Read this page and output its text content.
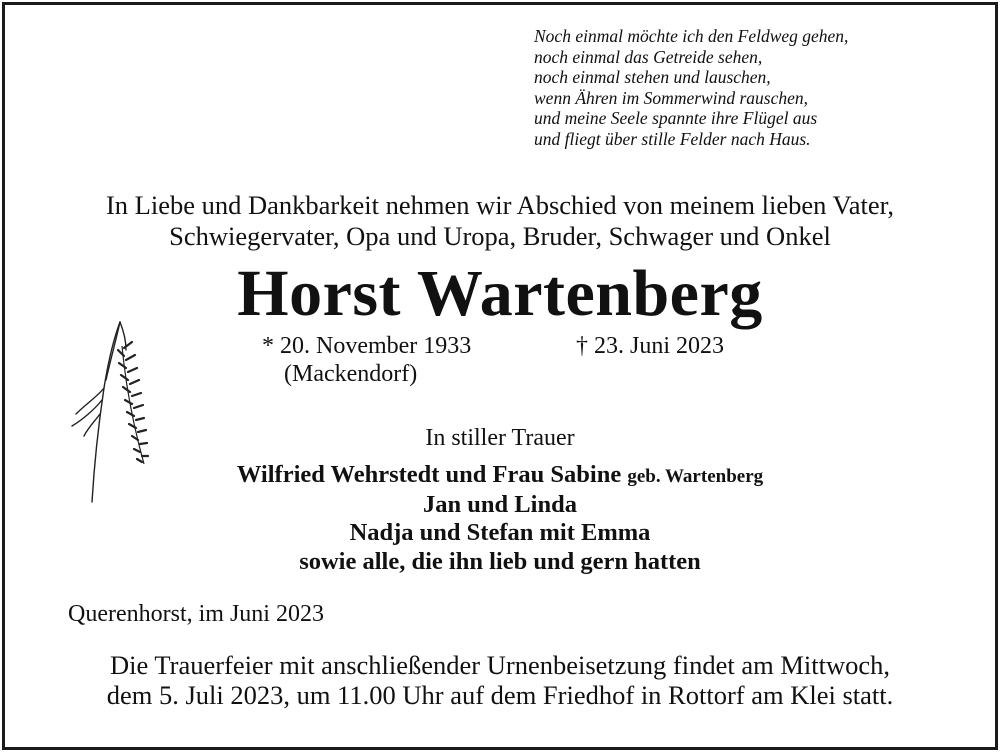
Noch einmal möchte ich den Feldweg gehen,
noch einmal das Getreide sehen,
noch einmal stehen und lauschen,
wenn Ähren im Sommerwind rauschen,
und meine Seele spannte ihre Flügel aus
und fliegt über stille Felder nach Haus.
In Liebe und Dankbarkeit nehmen wir Abschied von meinem lieben Vater,
Schwiegervater, Opa und Uropa, Bruder, Schwager und Onkel
Horst Wartenberg
* 20. November 1933	† 23. Juni 2023
(Mackendorf)
In stiller Trauer
Wilfried Wehrstedt und Frau Sabine geb. Wartenberg
Jan und Linda
Nadja und Stefan mit Emma
sowie alle, die ihn lieb und gern hatten
Querenhorst, im Juni 2023
Die Trauerfeier mit anschließender Urnenbeisetzung findet am Mittwoch,
dem 5. Juli 2023, um 11.00 Uhr auf dem Friedhof in Rottorf am Klei statt.
